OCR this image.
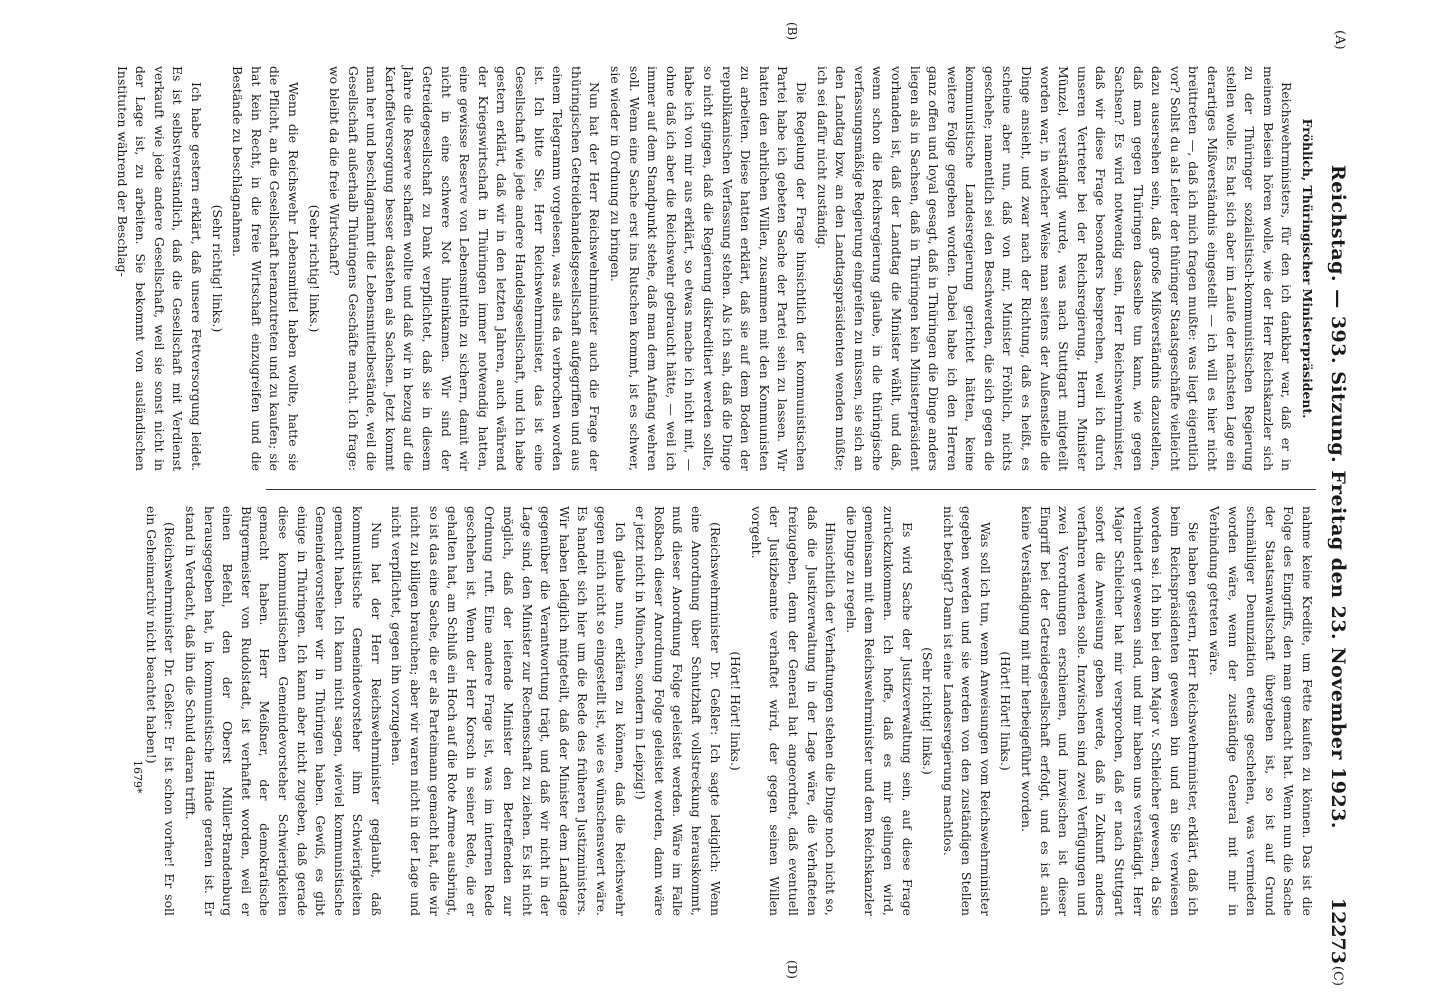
(A)
Reichstag. — 393. Sitzung. Freitag den 23. November 1923.
12273
(C)
(B)
(D)

Fröhlich, Thüringischer Ministerpräsident.

Reichswehrministers, für den ich dankbar war, daß er in meinem Beisein hören wolle, wie der Herr Reichskanzler sich zu der Thüringer sozialistisch-kommunistischen Regierung stellen wolle. Es hat sich aber im Laufe der nächsten Lage ein derartiges Mißverständnis eingestellt — ich will es hier nicht breittreten —, daß ich mich fragen mußte: was liegt eigentlich vor? Sollst du als Leiter der thüringer Staatsgeschäfte vielleicht dazu ausersehen sein, daß große Mißverständnis dazustellen, daß man gegen Thüringen dasselbe tun kann, wie gegen Sachsen? Es wird notwendig sein, Herr Reichswehrminister, daß wir diese Frage besonders besprechen, weil ich durch unseren Vertreter bei der Reichsregierung, Herrn Minister Münzel, verständigt wurde, was nach Stuttgart mitgeteilt worden war, in welcher Weise man seitens der Außenstelle die Dinge ansieht, und zwar nach der Richtung, daß es heißt, es scheine aber nun, daß von mir, Minister Fröhlich, nichts geschehe; namentlich sei den Beschwerden, die sich gegen die kommunistische Landesregierung gerichtet hätten, keine weitere Folge gegeben worden. Dabei habe ich den Herren ganz offen und loyal gesagt, daß in Thüringen die Dinge anders liegen als in Sachsen, daß in Thüringen kein Ministerpräsident vorhanden ist, daß der Landtag die Minister wählt, und daß, wenn schon die Reichsregierung glaube, in die thüringische verfassungsmäßige Regierung eingreifen zu müssen, sie sich an den Landtag bzw. an den Landtagspräsidenten wenden müßte; ich sei dafür nicht zuständig.

Die Regelung der Frage hinsichtlich der kommunistischen Partei habe ich gebeten Sache der Partei sein zu lassen. Wir hatten den ehrlichen Willen, zusammen mit den Kommunisten zu arbeiten. Diese hatten erklärt, daß sie auf dem Boden der republikanischen Verfassung stehen. Als ich sah, daß die Dinge so nicht gingen, daß die Regierung diskreditiert werden sollte, habe ich von mir aus erklärt, so etwas mache ich nicht mit, — ohne daß ich aber die Reichswehr gebraucht hätte, — weil ich immer auf dem Standpunkt stehe, daß man dem Anfang wehren soll. Wenn eine Sache erst ins Rutschen kommt, ist es schwer, sie wieder in Ordnung zu bringen.

Nun hat der Herr Reichswehrminister auch die Frage der thüringischen Getreidehandelsgesellschaft aufgegriffen und aus einem Telegramm vorgelesen, was alles da verbrochen worden ist. Ich bitte Sie, Herr Reichswehrminister, das ist eine Gesellschaft wie jede andere Handelsgesellschaft, und ich habe gestern erklärt, daß wir in den letzten Jahren, auch während der Kriegswirtschaft in Thüringen immer notwendig hatten, eine gewisse Reserve von Lebensmitteln zu sichern, damit wir nicht in eine schwere Not hineinkamen. Wir sind der Getreidegesellschaft zu Dank verpflichtet, daß sie in diesem Jahre die Reserve schaffen wollte und daß wir in bezug auf die Kartoffelversorgung besser dastehen als Sachsen. Jetzt kommt man her und beschlagnahmt die Lebensmittelbestände, weil die Gesellschaft außerhalb Thüringens Geschäfte macht. Ich frage: wo bleibt da die freie Wirtschaft?

(Sehr richtig! links.)

Wenn die Reichswehr Lebensmittel haben wollte, hatte sie die Pflicht, an die Gesellschaft heranzutreten und zu kaufen; sie hat kein Recht, in die freie Wirtschaft einzugreifen und die Bestände zu beschlagnahmen.

(Sehr richtig! links.)

Ich habe gestern erklärt, daß unsere Fettversorgung leidet. Es ist selbstverständlich, daß die Gesellschaft mit Verdienst verkauft wie jede andere Gesellschaft, weil sie sonst nicht in der Lage ist, zu arbeiten. Sie bekommt von ausländischen Instituten während der Beschlag-

nahme keine Kredite, um Fette kaufen zu können. Das ist die Folge des Eingriffs, den man gemacht hat. Wenn nun die Sache der Staatsanwaltschaft übergeben ist, so ist auf Grund schmähliger Denunziation etwas geschehen, was vermieden worden wäre, wenn der zuständige General mit mir in Verbindung getreten wäre.

Sie haben gestern, Herr Reichswehrminister, erklärt, daß ich beim Reichspräsidenten gewesen bin und an Sie verwiesen worden sei. Ich bin bei dem Major v. Schleicher gewesen, da Sie verhindert gewesen sind, und mir haben uns verständigt. Herr Major Schleicher hat mir versprochen, daß er nach Stuttgart sofort die Anweisung geben werde, daß in Zukunft anders verfahren werden solle. Inzwischen sind zwei Verfügungen und zwei Verordnungen erschienen, und inzwischen ist dieser Eingriff bei der Getreidegesellschaft erfolgt, und es ist auch keine Verständigung mit mir herbeigeführt worden.

(Hört! Hört! links.)

Was soll ich tun, wenn Anweisungen vom Reichswehrminister gegeben werden und sie werden von den zuständigen Stellen nicht befolgt? Dann ist eine Landesregierung machtlos.

(Sehr richtig! links.)

Es wird Sache der Justizverwaltung sein, auf diese Frage zurückzukommen. Ich hoffe, daß es mir gelingen wird, gemeinsam mit dem Reichswehrminister und dem Reichskanzler die Dinge zu regeln.

Hinsichtlich der Verhaftungen stehen die Dinge noch nicht so, daß die Justizverwaltung in der Lage wäre, die Verhafteten freizugeben, denn der General hat angeordnet, daß eventuell der Justizbeamte verhaftet wird, der gegen seinen Willen vorgeht.

(Hört! Hört! links.)

(Reichswehrminister Dr. Geßler: Ich sagte lediglich: Wenn eine Anordnung über Schutzhaft vollstreckung herauskommt, muß dieser Anordnung Folge geleistet werden. Wäre im Falle Roßbach dieser Anordnung Folge geleistet worden, dann wäre er jetzt nicht in München, sondern in Leipzig!)

Ich glaube nun, erklären zu können, daß die Reichswehr gegen mich nicht so eingestellt ist, wie es wünschenswert wäre. Es handelt sich hier um die Rede des früheren Justizministers. Wir haben lediglich mitgeteilt, daß der Minister dem Landtage gegenüber die Verantwortung trägt, und daß wir nicht in der Lage sind, den Minister zur Rechenschaft zu ziehen. Es ist nicht möglich, daß der leitende Minister den Betreffenden zur Ordnung ruft. Eine andere Frage ist, was im internen Rede geschehen ist. Wenn der Herr Korsch in seiner Rede, die er gehalten hat, am Schluß ein Hoch auf die Rote Armee ausbringt, so ist das eine Sache, die er als Parteimann gemacht hat, die wir nicht zu billigen brauchen; aber wir waren nicht in der Lage und nicht verpflichtet, gegen ihn vorzugehen.

Nun hat der Herr Reichswehrminister geglaubt, daß kommunistische Gemeindevorsteher ihm Schwierigkeiten gemacht haben. Ich kann nicht sagen, wieviel kommunistische Gemeindevorsteher wir in Thüringen haben. Gewiß, es gibt einige in Thüringen. Ich kann aber nicht zugeben, daß gerade diese kommunistischen Gemeindevorsteher Schwierigkeiten gemacht haben. Herr Meißner, der demokratische Bürgermeister von Rudolstadt, ist verhaftet worden, weil er einen Befehl, den der Oberst Müller-Brandenburg herausgegeben hat, in kommunistische Hände geraten ist. Er stand in Verdacht, daß ihn die Schuld daran trifft.

(Reichswehrminister Dr. Geßler: Er ist schon vorher! Er soll ein Geheimarchiv nicht beachtet haben!)

1679*
